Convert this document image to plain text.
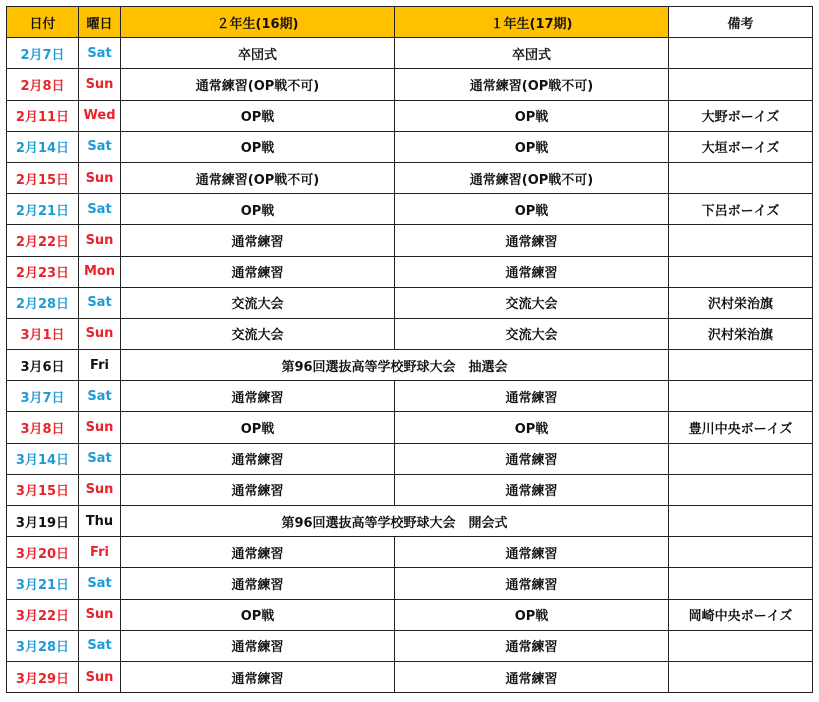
日付	曜日	２年生(16期)	１年生(17期)	備考
2月7日	Sat	卒団式	卒団式	
2月8日	Sun	通常練習(OP戦不可)	通常練習(OP戦不可)	
2月11日	Wed	OP戦	OP戦	大野ボーイズ
2月14日	Sat	OP戦	OP戦	大垣ボーイズ
2月15日	Sun	通常練習(OP戦不可)	通常練習(OP戦不可)	
2月21日	Sat	OP戦	OP戦	下呂ボーイズ
2月22日	Sun	通常練習	通常練習	
2月23日	Mon	通常練習	通常練習	
2月28日	Sat	交流大会	交流大会	沢村栄治旗
3月1日	Sun	交流大会	交流大会	沢村栄治旗
3月6日	Fri	第96回選抜高等学校野球大会　抽選会		
3月7日	Sat	通常練習	通常練習	
3月8日	Sun	OP戦	OP戦	豊川中央ボーイズ
3月14日	Sat	通常練習	通常練習	
3月15日	Sun	通常練習	通常練習	
3月19日	Thu	第96回選抜高等学校野球大会　開会式		
3月20日	Fri	通常練習	通常練習	
3月21日	Sat	通常練習	通常練習	
3月22日	Sun	OP戦	OP戦	岡崎中央ボーイズ
3月28日	Sat	通常練習	通常練習	
3月29日	Sun	通常練習	通常練習	
